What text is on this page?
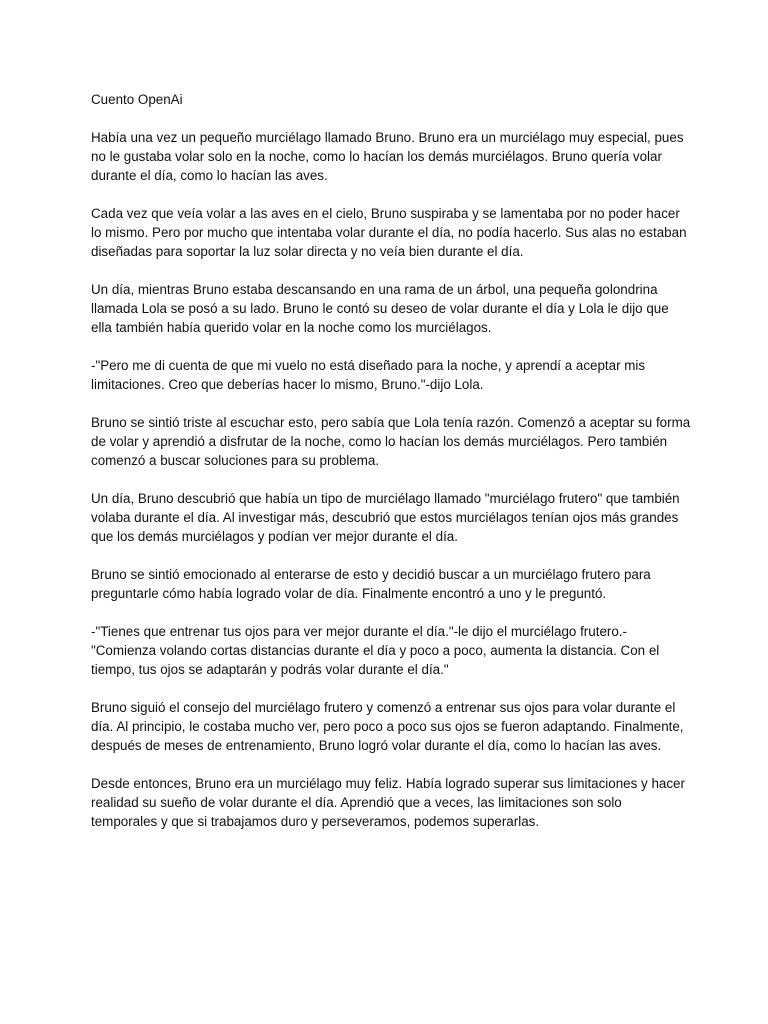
Cuento OpenAi

Había una vez un pequeño murciélago llamado Bruno. Bruno era un murciélago muy especial, pues no le gustaba volar solo en la noche, como lo hacían los demás murciélagos. Bruno quería volar durante el día, como lo hacían las aves.

Cada vez que veía volar a las aves en el cielo, Bruno suspiraba y se lamentaba por no poder hacer lo mismo. Pero por mucho que intentaba volar durante el día, no podía hacerlo. Sus alas no estaban diseñadas para soportar la luz solar directa y no veía bien durante el día.

Un día, mientras Bruno estaba descansando en una rama de un árbol, una pequeña golondrina llamada Lola se posó a su lado. Bruno le contó su deseo de volar durante el día y Lola le dijo que ella también había querido volar en la noche como los murciélagos.

-"Pero me di cuenta de que mi vuelo no está diseñado para la noche, y aprendí a aceptar mis limitaciones. Creo que deberías hacer lo mismo, Bruno."-dijo Lola.

Bruno se sintió triste al escuchar esto, pero sabía que Lola tenía razón. Comenzó a aceptar su forma de volar y aprendió a disfrutar de la noche, como lo hacían los demás murciélagos. Pero también comenzó a buscar soluciones para su problema.

Un día, Bruno descubrió que había un tipo de murciélago llamado "murciélago frutero" que también volaba durante el día. Al investigar más, descubrió que estos murciélagos tenían ojos más grandes que los demás murciélagos y podían ver mejor durante el día.

Bruno se sintió emocionado al enterarse de esto y decidió buscar a un murciélago frutero para preguntarle cómo había logrado volar de día. Finalmente encontró a uno y le preguntó.

-"Tienes que entrenar tus ojos para ver mejor durante el día."-le dijo el murciélago frutero.- "Comienza volando cortas distancias durante el día y poco a poco, aumenta la distancia. Con el tiempo, tus ojos se adaptarán y podrás volar durante el día."

Bruno siguió el consejo del murciélago frutero y comenzó a entrenar sus ojos para volar durante el día. Al principio, le costaba mucho ver, pero poco a poco sus ojos se fueron adaptando. Finalmente, después de meses de entrenamiento, Bruno logró volar durante el día, como lo hacían las aves.

Desde entonces, Bruno era un murciélago muy feliz. Había logrado superar sus limitaciones y hacer realidad su sueño de volar durante el día. Aprendió que a veces, las limitaciones son solo temporales y que si trabajamos duro y perseveramos, podemos superarlas.
